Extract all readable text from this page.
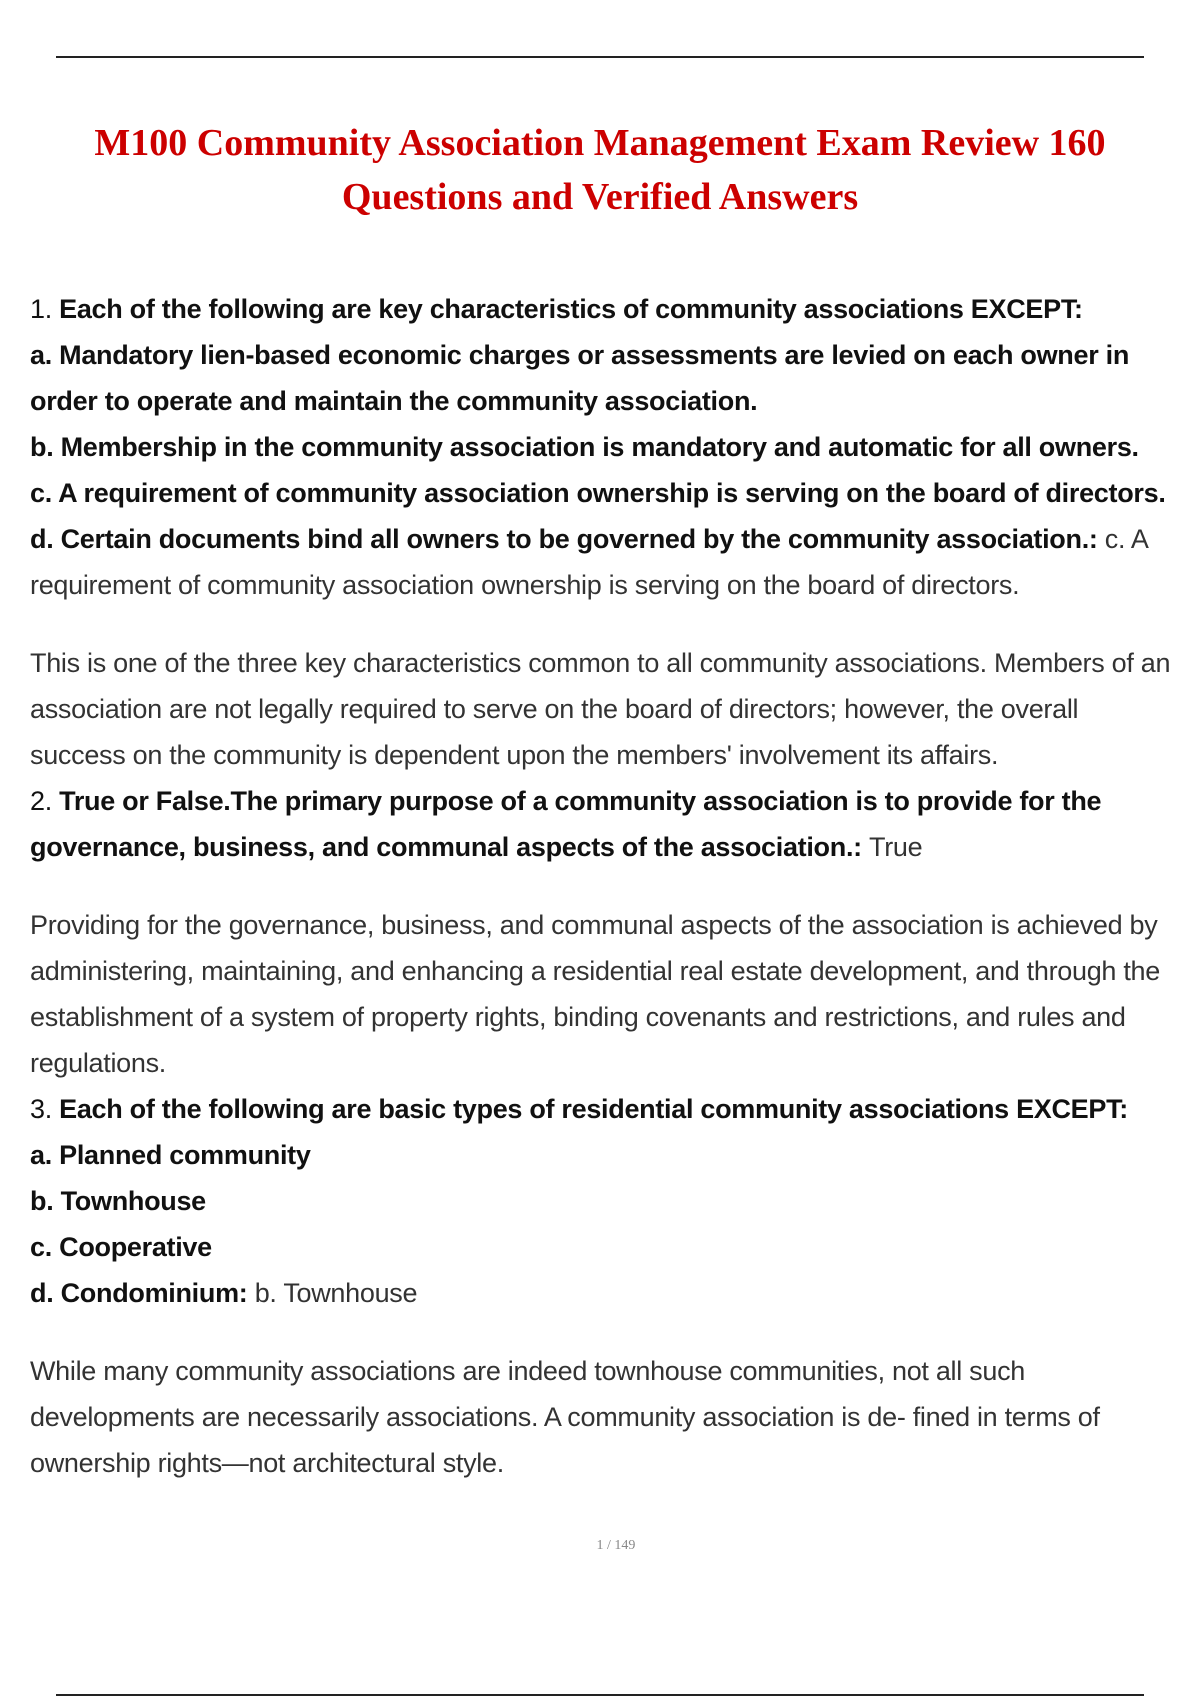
M100 Community Association Management Exam Review 160 Questions and Verified Answers

1. Each of the following are key characteristics of community associations EXCEPT:

a. Mandatory lien-based economic charges or assessments are levied on each owner in order to operate and maintain the community association.

b. Membership in the community association is mandatory and automatic for all owners.

c. A requirement of community association ownership is serving on the board of directors.

d. Certain documents bind all owners to be governed by the community association.: c. A requirement of community association ownership is serving on the board of directors.

This is one of the three key characteristics common to all community associations. Members of an association are not legally required to serve on the board of directors; however, the overall success on the community is dependent upon the members' involvement its affairs.

2. True or False.The primary purpose of a community association is to provide for the governance, business, and communal aspects of the association.: True

Providing for the governance, business, and communal aspects of the association is achieved by administering, maintaining, and enhancing a residential real estate development, and through the establishment of a system of property rights, binding covenants and restrictions, and rules and regulations.

3. Each of the following are basic types of residential community associations EXCEPT:

a. Planned community

b. Townhouse

c. Cooperative

d. Condominium: b. Townhouse

While many community associations are indeed townhouse communities, not all such developments are necessarily associations. A community association is de- fined in terms of ownership rights—not architectural style.

1 / 149
